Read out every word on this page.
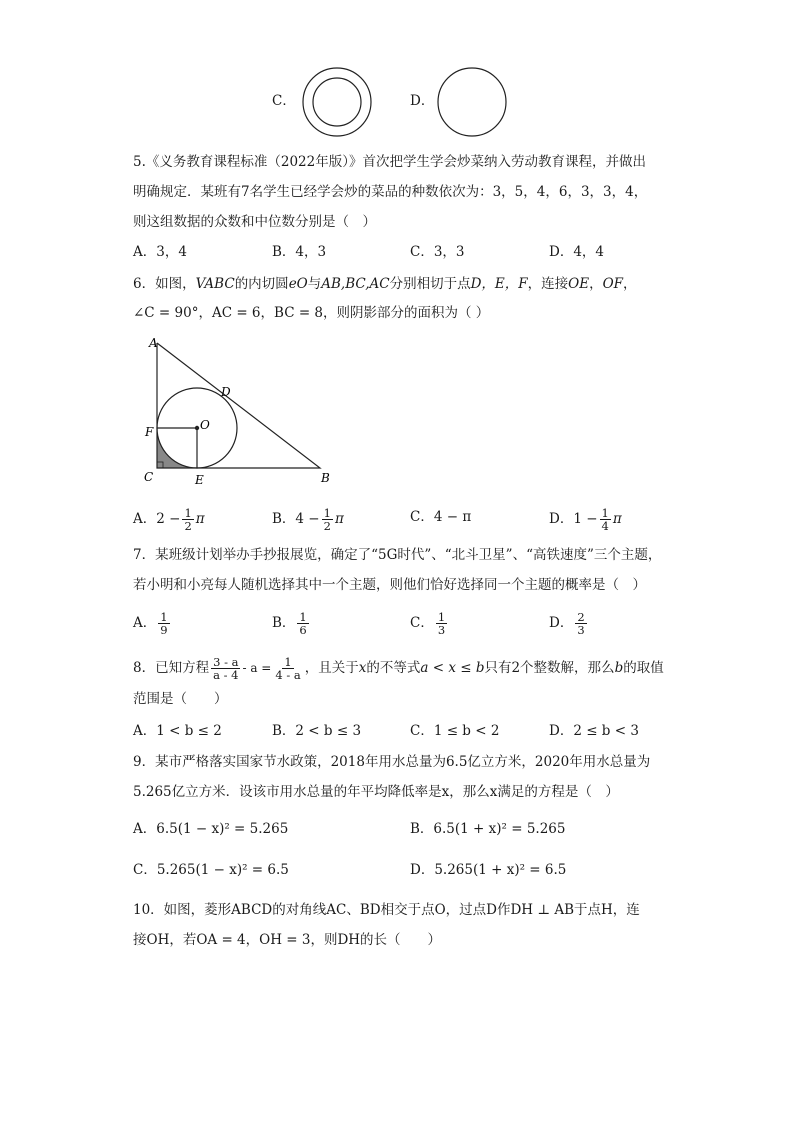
C．	D．
5.《义务教育课程标准（2022年版）》首次把学生学会炒菜纳入劳动教育课程，并做出
明确规定．某班有7名学生已经学会炒的菜品的种数依次为：3，5，4，6，3，3，4，
则这组数据的众数和中位数分别是（　）
A．3，4	B．4，3	C．3，3	D．4，4
6．如图，VABC的内切圆eO与AB,BC,AC分别相切于点D，E，F，连接OE，OF，
∠C = 90°，AC = 6，BC = 8，则阴影部分的面积为（ ）
A
B
C
D
E
F	O
A．$2 - \frac{1}{2}$ π	B．$4 - \frac{1}{2}$ π	C．4 − π	D．$1 - \frac{1}{4}$ π
7．某班级计划举办手抄报展览，确定了“5G时代”、“北斗卫星”、“高铁速度”三个主题，
若小明和小亮每人随机选择其中一个主题，则他们恰好选择同一个主题的概率是（　）
A． $\frac{1}{9}$	B． $\frac{1}{6}$	C． $\frac{1}{3}$	D． $\frac{2}{3}$
8．已知方程 $\frac{3 - a}{a - 4} - a = \frac{1}{4 - a}$ ，且关于x的不等式a < x ≤ b只有2个整数解，那么b的取值
范围是（　　）
A．1 < b ≤ 2	B．2 < b ≤ 3	C．1 ≤ b < 2	D．2 ≤ b < 3
9．某市严格落实国家节水政策，2018年用水总量为6.5亿立方米，2020年用水总量为
5.265亿立方米．设该市用水总量的年平均降低率是x，那么x满足的方程是（　）
A．6.5(1 − x)² = 5.265	B．6.5(1 + x)² = 5.265
C．5.265(1 − x)² = 6.5	D．5.265(1 + x)² = 6.5
10．如图，菱形ABCD的对角线AC、BD相交于点O，过点D作DH ⊥ AB于点H，连
接OH，若OA = 4，OH = 3，则DH的长（　　）
